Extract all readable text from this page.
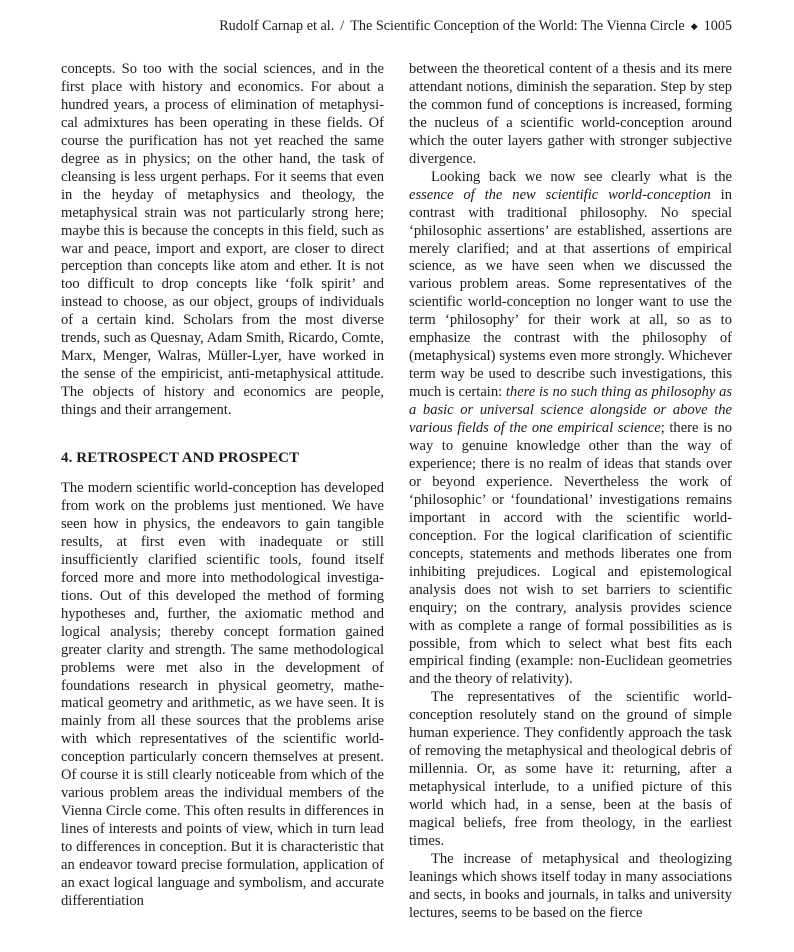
Rudolf Carnap et al. / The Scientific Conception of the World: The Vienna Circle ◆ 1005

concepts. So too with the social sciences, and in the first place with history and economics. For about a hundred years, a process of elimination of metaphysical admixtures has been operating in these fields. Of course the purification has not yet reached the same degree as in physics; on the other hand, the task of cleansing is less urgent perhaps. For it seems that even in the heyday of metaphysics and theology, the metaphysical strain was not particularly strong here; maybe this is because the concepts in this field, such as war and peace, import and export, are closer to direct perception than concepts like atom and ether. It is not too difficult to drop concepts like ‘folk spirit’ and instead to choose, as our object, groups of individuals of a certain kind. Scholars from the most diverse trends, such as Quesnay, Adam Smith, Ricardo, Comte, Marx, Menger, Walras, Müller-Lyer, have worked in the sense of the empiricist, anti-metaphysical attitude. The objects of history and economics are people, things and their arrangement.

4. RETROSPECT AND PROSPECT

The modern scientific world-conception has developed from work on the problems just mentioned. We have seen how in physics, the endeavors to gain tangible results, at first even with inadequate or still insufficiently clarified scientific tools, found itself forced more and more into methodological investigations. Out of this developed the method of forming hypotheses and, further, the axiomatic method and logical analysis; thereby concept formation gained greater clarity and strength. The same methodological problems were met also in the development of foundations research in physical geometry, mathematical geometry and arithmetic, as we have seen. It is mainly from all these sources that the problems arise with which representatives of the scientific world-conception particularly concern themselves at present. Of course it is still clearly noticeable from which of the various problem areas the individual members of the Vienna Circle come. This often results in differences in lines of interests and points of view, which in turn lead to differences in conception. But it is characteristic that an endeavor toward precise formulation, application of an exact logical language and symbolism, and accurate differentiation

between the theoretical content of a thesis and its mere attendant notions, diminish the separation. Step by step the common fund of conceptions is increased, forming the nucleus of a scientific world-conception around which the outer layers gather with stronger subjective divergence.

Looking back we now see clearly what is the essence of the new scientific world-conception in contrast with traditional philosophy. No special ‘philosophic assertions’ are established, assertions are merely clarified; and at that assertions of empirical science, as we have seen when we discussed the various problem areas. Some representatives of the scientific world-conception no longer want to use the term ‘philosophy’ for their work at all, so as to emphasize the contrast with the philosophy of (metaphysical) systems even more strongly. Whichever term way be used to describe such investigations, this much is certain: there is no such thing as philosophy as a basic or universal science alongside or above the various fields of the one empirical science; there is no way to genuine knowledge other than the way of experience; there is no realm of ideas that stands over or beyond experience. Nevertheless the work of ‘philosophic’ or ‘foundational’ investigations remains important in accord with the scientific world-conception. For the logical clarification of scientific concepts, statements and methods liberates one from inhibiting prejudices. Logical and epistemological analysis does not wish to set barriers to scientific enquiry; on the contrary, analysis provides science with as complete a range of formal possibilities as is possible, from which to select what best fits each empirical finding (example: non-Euclidean geometries and the theory of relativity).

The representatives of the scientific world-conception resolutely stand on the ground of simple human experience. They confidently approach the task of removing the metaphysical and theological debris of millennia. Or, as some have it: returning, after a metaphysical interlude, to a unified picture of this world which had, in a sense, been at the basis of magical beliefs, free from theology, in the earliest times.

The increase of metaphysical and theologizing leanings which shows itself today in many associations and sects, in books and journals, in talks and university lectures, seems to be based on the fierce
